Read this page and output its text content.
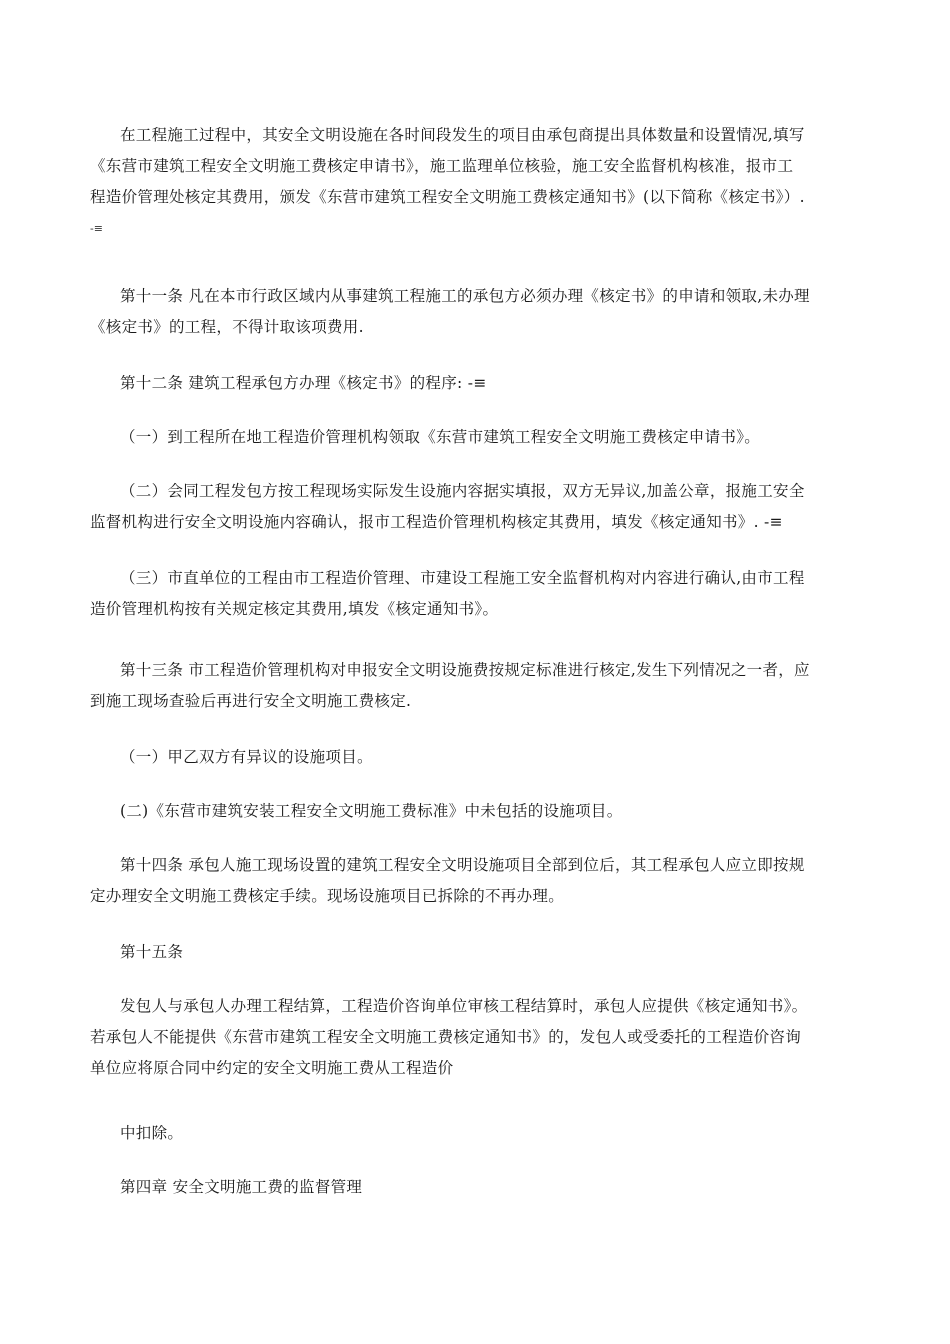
在工程施工过程中，其安全文明设施在各时间段发生的项目由承包商提出具体数量和设置情况,填写
《东营市建筑工程安全文明施工费核定申请书》，施工监理单位核验，施工安全监督机构核准，报市工
程造价管理处核定其费用，颁发《东营市建筑工程安全文明施工费核定通知书》(以下简称《核定书》）.
-≡
第十一条 凡在本市行政区域内从事建筑工程施工的承包方必须办理《核定书》的申请和领取,未办理
《核定书》的工程，不得计取该项费用.
第十二条 建筑工程承包方办理《核定书》的程序: -≡
（一）到工程所在地工程造价管理机构领取《东营市建筑工程安全文明施工费核定申请书》。
（二）会同工程发包方按工程现场实际发生设施内容据实填报，双方无异议,加盖公章，报施工安全
监督机构进行安全文明设施内容确认，报市工程造价管理机构核定其费用，填发《核定通知书》. -≡
（三）市直单位的工程由市工程造价管理、市建设工程施工安全监督机构对内容进行确认,由市工程
造价管理机构按有关规定核定其费用,填发《核定通知书》。
第十三条 市工程造价管理机构对申报安全文明设施费按规定标准进行核定,发生下列情况之一者，应
到施工现场查验后再进行安全文明施工费核定.
（一）甲乙双方有异议的设施项目。
(二)《东营市建筑安装工程安全文明施工费标准》中未包括的设施项目。
第十四条 承包人施工现场设置的建筑工程安全文明设施项目全部到位后，其工程承包人应立即按规
定办理安全文明施工费核定手续。现场设施项目已拆除的不再办理。
第十五条
发包人与承包人办理工程结算，工程造价咨询单位审核工程结算时，承包人应提供《核定通知书》。
若承包人不能提供《东营市建筑工程安全文明施工费核定通知书》的，发包人或受委托的工程造价咨询
单位应将原合同中约定的安全文明施工费从工程造价
中扣除。
第四章 安全文明施工费的监督管理
